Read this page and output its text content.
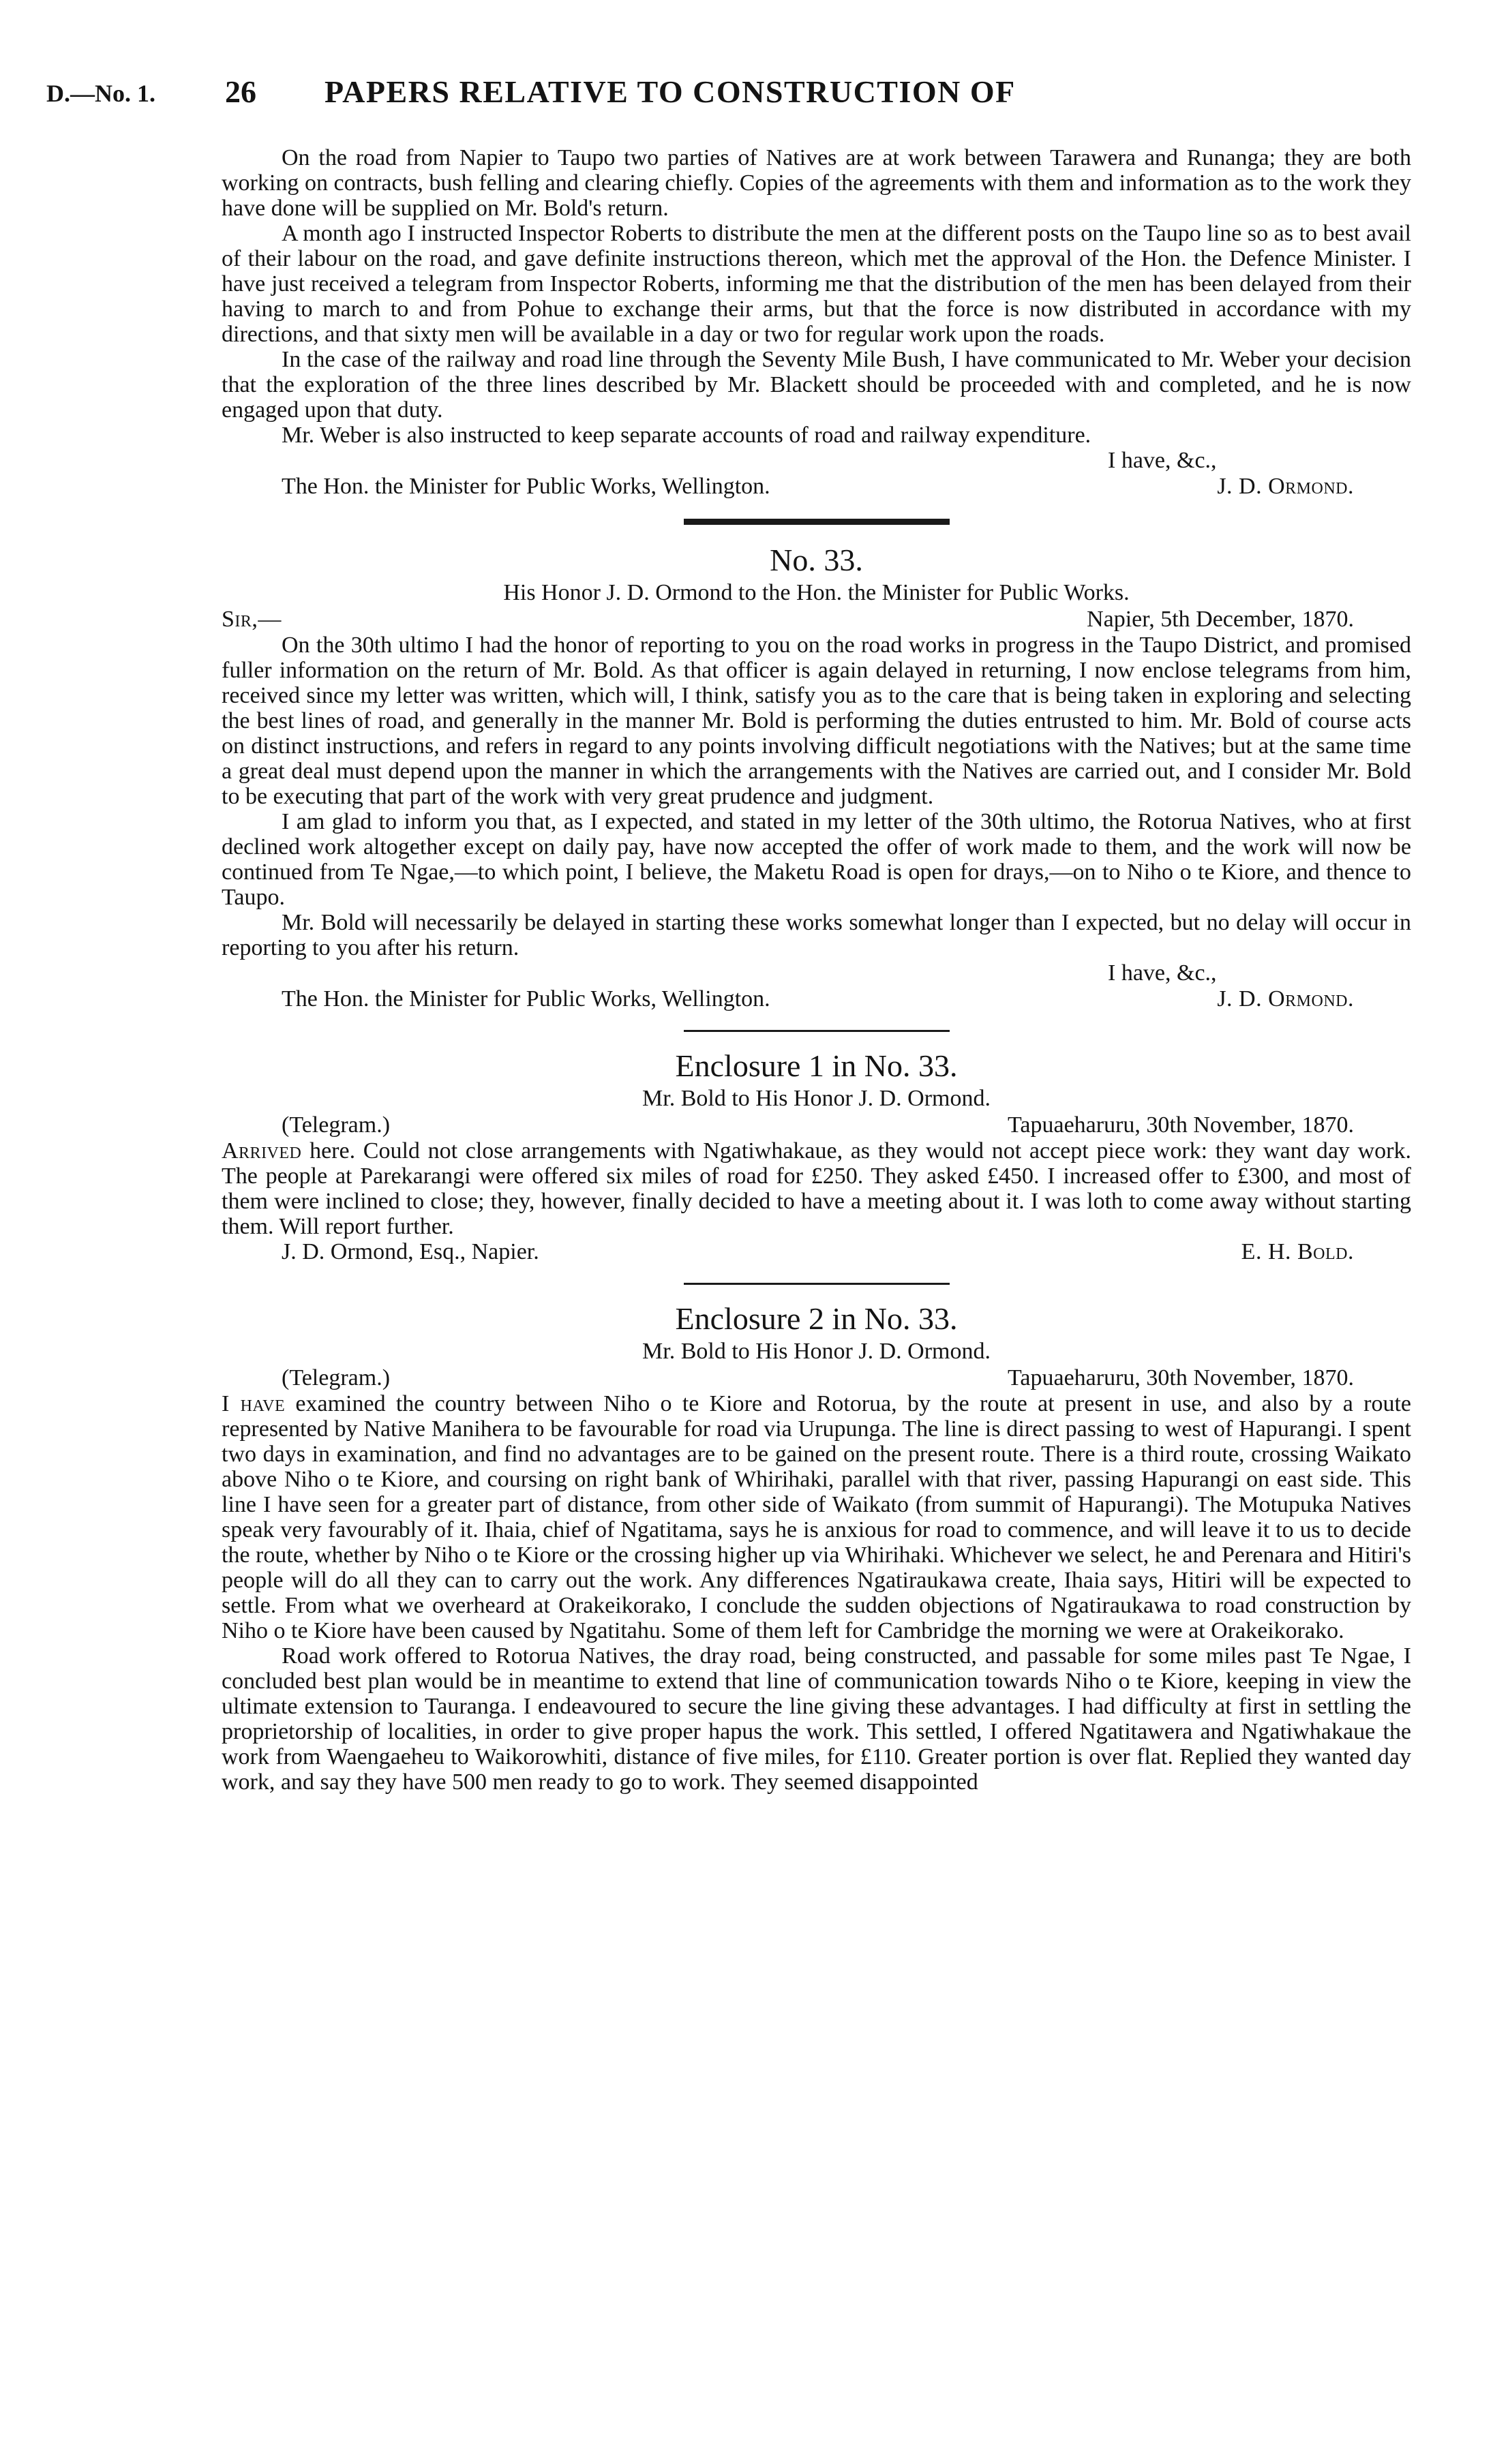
D.—No. 1. 26 PAPERS RELATIVE TO CONSTRUCTION OF

On the road from Napier to Taupo two parties of Natives are at work between Tarawera and Runanga; they are both working on contracts, bush felling and clearing chiefly. Copies of the agreements with them and information as to the work they have done will be supplied on Mr. Bold's return.

A month ago I instructed Inspector Roberts to distribute the men at the different posts on the Taupo line so as to best avail of their labour on the road, and gave definite instructions thereon, which met the approval of the Hon. the Defence Minister. I have just received a telegram from Inspector Roberts, informing me that the distribution of the men has been delayed from their having to march to and from Pohue to exchange their arms, but that the force is now distributed in accordance with my directions, and that sixty men will be available in a day or two for regular work upon the roads.

In the case of the railway and road line through the Seventy Mile Bush, I have communicated to Mr. Weber your decision that the exploration of the three lines described by Mr. Blackett should be proceeded with and completed, and he is now engaged upon that duty.

Mr. Weber is also instructed to keep separate accounts of road and railway expenditure.

I have, &c.,
The Hon. the Minister for Public Works, Wellington.	J. D. Ormond.
No. 33.
His Honor J. D. Ormond to the Hon. the Minister for Public Works.
Sir,—	Napier, 5th December, 1870.

On the 30th ultimo I had the honor of reporting to you on the road works in progress in the Taupo District, and promised fuller information on the return of Mr. Bold. As that officer is again delayed in returning, I now enclose telegrams from him, received since my letter was written, which will, I think, satisfy you as to the care that is being taken in exploring and selecting the best lines of road, and generally in the manner Mr. Bold is performing the duties entrusted to him. Mr. Bold of course acts on distinct instructions, and refers in regard to any points involving difficult negotiations with the Natives; but at the same time a great deal must depend upon the manner in which the arrangements with the Natives are carried out, and I consider Mr. Bold to be executing that part of the work with very great prudence and judgment.

I am glad to inform you that, as I expected, and stated in my letter of the 30th ultimo, the Rotorua Natives, who at first declined work altogether except on daily pay, have now accepted the offer of work made to them, and the work will now be continued from Te Ngae,—to which point, I believe, the Maketu Road is open for drays,—on to Niho o te Kiore, and thence to Taupo.

Mr. Bold will necessarily be delayed in starting these works somewhat longer than I expected, but no delay will occur in reporting to you after his return.

I have, &c.,
The Hon. the Minister for Public Works, Wellington.	J. D. Ormond.
Enclosure 1 in No. 33.
Mr. Bold to His Honor J. D. Ormond.
(Telegram.)	Tapuaeharuru, 30th November, 1870.

Arrived here. Could not close arrangements with Ngatiwhakaue, as they would not accept piece work: they want day work. The people at Parekarangi were offered six miles of road for £250. They asked £450. I increased offer to £300, and most of them were inclined to close; they, however, finally decided to have a meeting about it. I was loth to come away without starting them. Will report further.

J. D. Ormond, Esq., Napier.	E. H. Bold.
Enclosure 2 in No. 33.
Mr. Bold to His Honor J. D. Ormond.
(Telegram.)	Tapuaeharuru, 30th November, 1870.

I have examined the country between Niho o te Kiore and Rotorua, by the route at present in use, and also by a route represented by Native Manihera to be favourable for road via Urupunga. The line is direct passing to west of Hapurangi. I spent two days in examination, and find no advantages are to be gained on the present route. There is a third route, crossing Waikato above Niho o te Kiore, and coursing on right bank of Whirihaki, parallel with that river, passing Hapurangi on east side. This line I have seen for a greater part of distance, from other side of Waikato (from summit of Hapurangi). The Motupuka Natives speak very favourably of it. Ihaia, chief of Ngatitama, says he is anxious for road to commence, and will leave it to us to decide the route, whether by Niho o te Kiore or the crossing higher up via Whirihaki. Whichever we select, he and Perenara and Hitiri's people will do all they can to carry out the work. Any differences Ngatiraukawa create, Ihaia says, Hitiri will be expected to settle. From what we overheard at Orakeikorako, I conclude the sudden objections of Ngatiraukawa to road construction by Niho o te Kiore have been caused by Ngatitahu. Some of them left for Cambridge the morning we were at Orakeikorako.

Road work offered to Rotorua Natives, the dray road, being constructed, and passable for some miles past Te Ngae, I concluded best plan would be in meantime to extend that line of communication towards Niho o te Kiore, keeping in view the ultimate extension to Tauranga. I endeavoured to secure the line giving these advantages. I had difficulty at first in settling the proprietorship of localities, in order to give proper hapus the work. This settled, I offered Ngatitawera and Ngatiwhakaue the work from Waengaeheu to Waikorowhiti, distance of five miles, for £110. Greater portion is over flat. Replied they wanted day work, and say they have 500 men ready to go to work. They seemed disappointed
